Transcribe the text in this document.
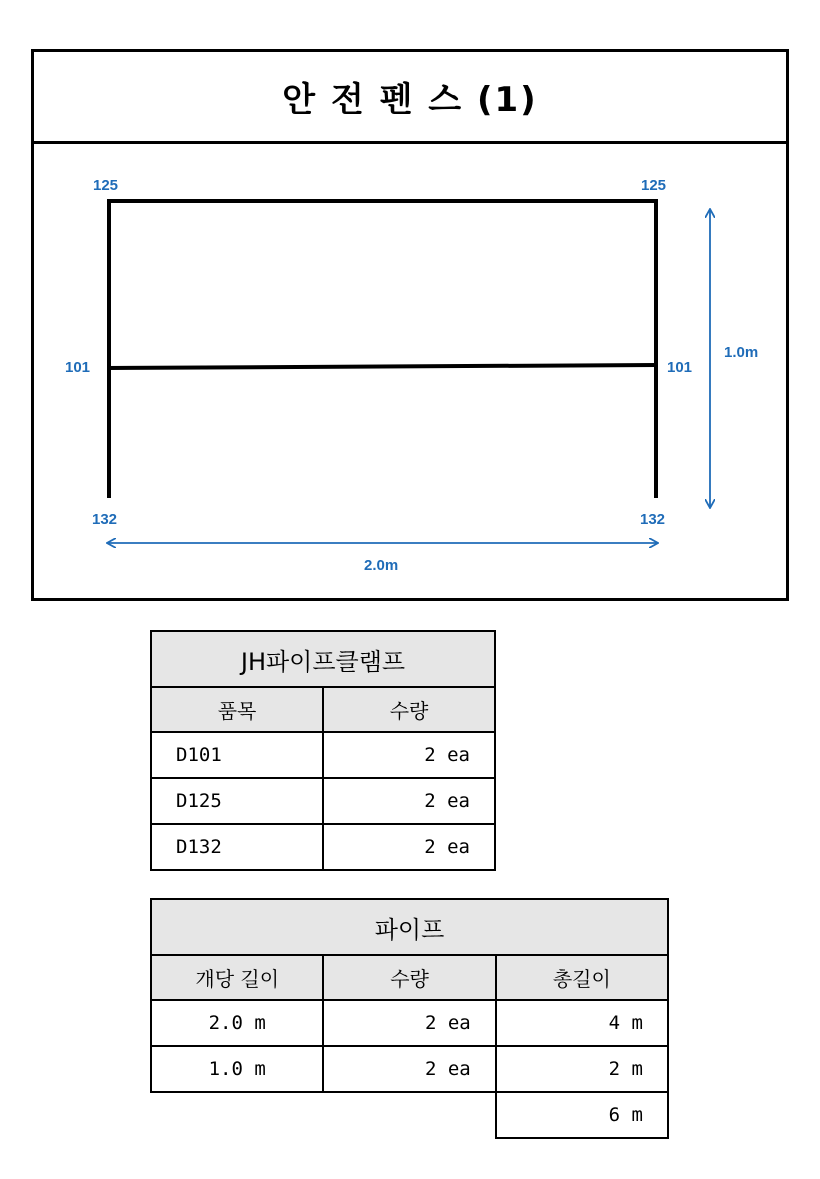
안 전 펜 스 (1)
125	125
101	101
132	132
1.0m
2.0m
JH파이프클램프	
품목	수량
D101	2 ea
D125	2 ea
D132	2 ea
파이프		
개당 길이	수량	총길이
2.0 m	2 ea	4 m
1.0 m	2 ea	2 m
		6 m
